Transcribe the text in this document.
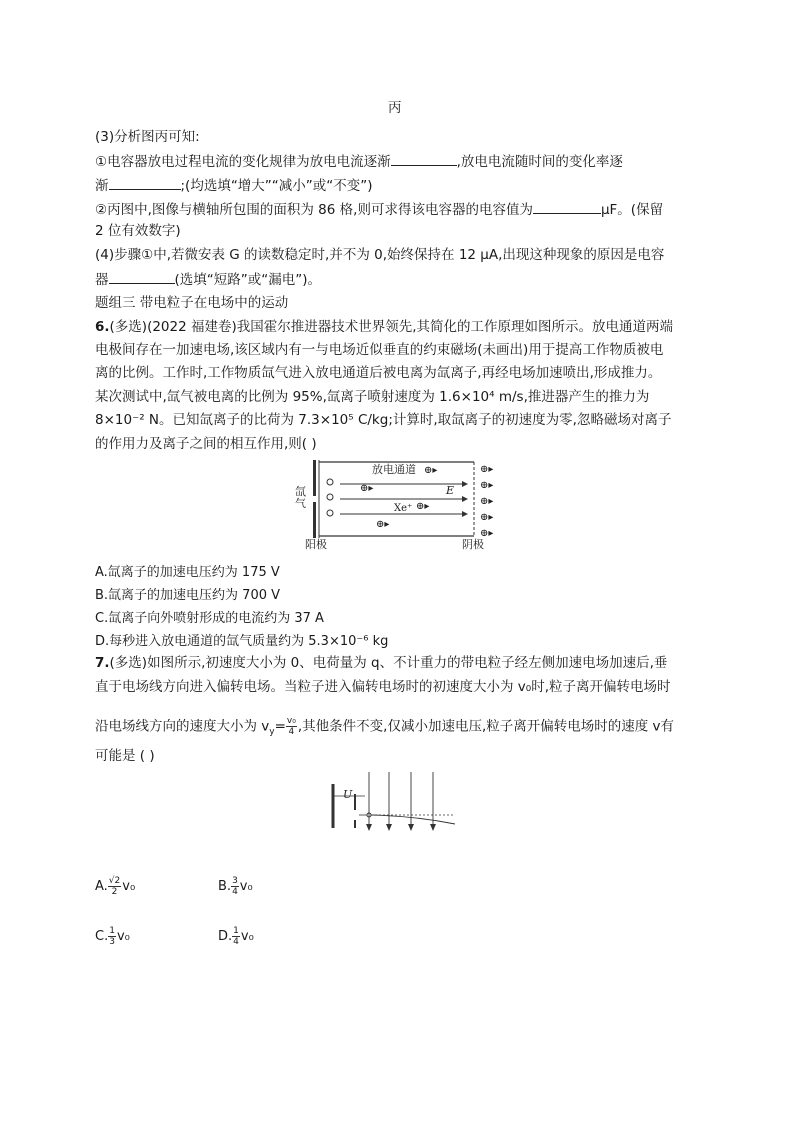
丙
(3)分析图丙可知:
①电容器放电过程电流的变化规律为放电电流逐渐	,放电电流随时间的变化率逐
渐	;(均选填“增大”“减小”或“不变”)
②丙图中,图像与横轴所包围的面积为 86 格,则可求得该电容器的电容值为	μF。(保留
2 位有效数字)
(4)步骤①中,若微安表 G 的读数稳定时,并不为 0,始终保持在 12 μA,出现这种现象的原因是电容
器	(选填“短路”或“漏电”)。
题组三 带电粒子在电场中的运动
6.(多选)(2022 福建卷)我国霍尔推进器技术世界领先,其简化的工作原理如图所示。放电通道两端
电极间存在一加速电场,该区域内有一与电场近似垂直的约束磁场(未画出)用于提高工作物质被电
离的比例。工作时,工作物质氙气进入放电通道后被电离为氙离子,再经电场加速喷出,形成推力。
某次测试中,氙气被电离的比例为 95%,氙离子喷射速度为 1.6×10⁴ m/s,推进器产生的推力为
8×10⁻² N。已知氙离子的比荷为 7.3×10⁵ C/kg;计算时,取氙离子的初速度为零,忽略磁场对离子
的作用力及离子之间的相互作用,则( )
放电通道
E
Xe⁺
⊕▸
⊕▸
⊕▸
⊕▸
⊕▸
⊕▸
⊕▸
⊕▸
⊕▸
阳极	阴极
氙气
A.氙离子的加速电压约为 175 V
B.氙离子的加速电压约为 700 V
C.氙离子向外喷射形成的电流约为 37 A
D.每秒进入放电通道的氙气质量约为 5.3×10⁻⁶ kg
7.(多选)如图所示,初速度大小为 0、电荷量为 q、不计重力的带电粒子经左侧加速电场加速后,垂
直于电场线方向进入偏转电场。当粒子进入偏转电场时的初速度大小为 v₀时,粒子离开偏转电场时
沿电场线方向的速度大小为 $v_y= \frac{\text{v₀}}{4}$ ,其他条件不变,仅减小加速电压,粒子离开偏转电场时的速度 v有
可能是 ( )
U
A. $\frac{√2}{2} v_0$	B. $\frac{3}{4} v_0$
C. $\frac{1}{3} v_0$	D. $\frac{1}{4} v_0$
